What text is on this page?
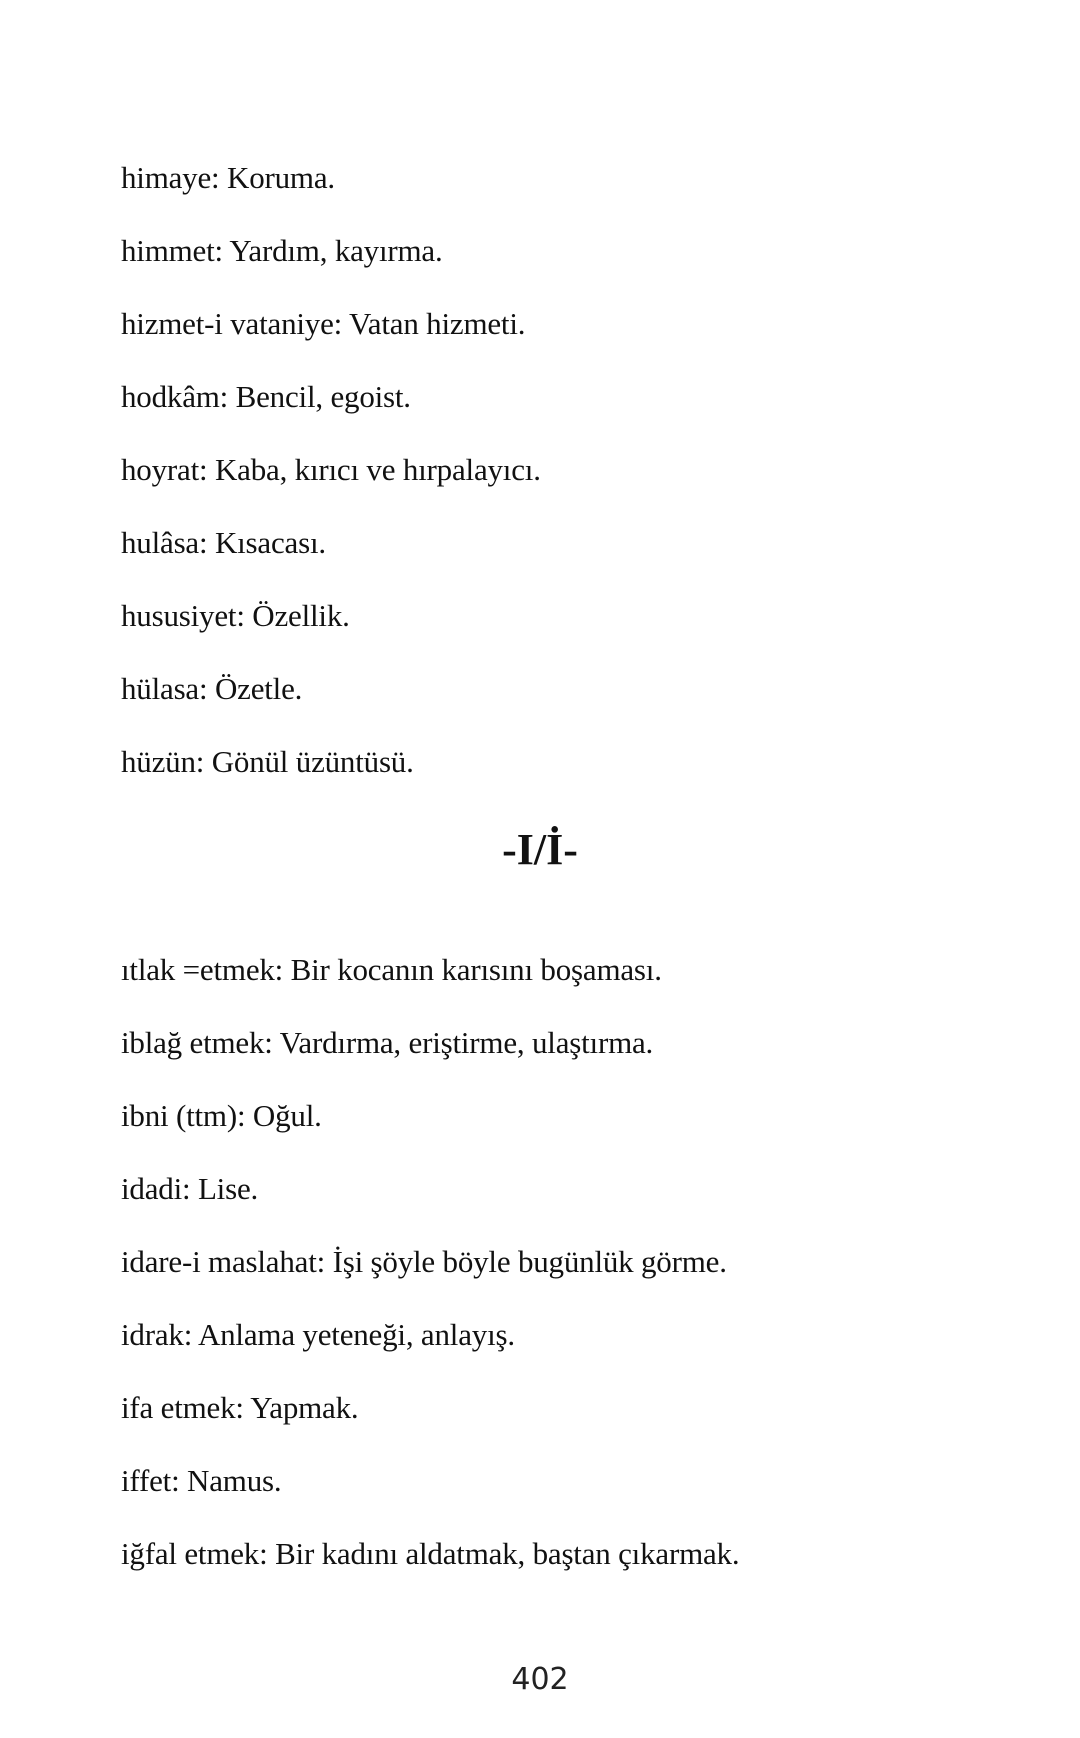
himaye: Koruma.
himmet: Yardım, kayırma.
hizmet-i vataniye: Vatan hizmeti.
hodkâm: Bencil, egoist.
hoyrat: Kaba, kırıcı ve hırpalayıcı.
hulâsa: Kısacası.
hususiyet: Özellik.
hülasa: Özetle.
hüzün: Gönül üzüntüsü.
-I/İ-
ıtlak =etmek: Bir kocanın karısını boşaması.
iblağ etmek: Vardırma, eriştirme, ulaştırma.
ibni (ttm): Oğul.
idadi: Lise.
idare-i maslahat: İşi şöyle böyle bugünlük görme.
idrak: Anlama yeteneği, anlayış.
ifa etmek: Yapmak.
iffet: Namus.
iğfal etmek: Bir kadını aldatmak, baştan çıkarmak.
402
